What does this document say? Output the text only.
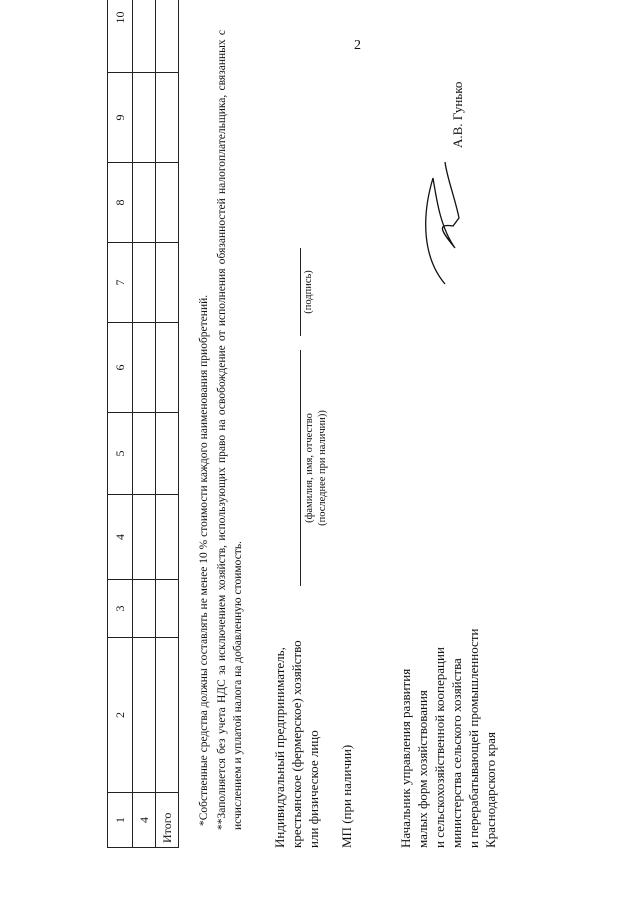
2
1	2	3	4	5	6	7	8	9	10
4									
Итого									
*Собственные средства должны составлять не менее 10 % стоимости каждого наименования приобретений. **Заполняется без учета НДС за исключением хозяйств, использующих право на освобождение от исполнения обязанностей налогоплательщика, связанных с исчислением и уплатой налога на добавленную стоимость. Индивидуальный предприниматель, крестьянское (фермерское) хозяйство или физическое лицо
(фамилия, имя, отчество (последнее при наличии))
(подпись)
МП (при наличии)	Начальник управления развития малых форм хозяйствования и сельскохозяйственной кооперации министерства сельского хозяйства и перерабатывающей промышленности Краснодарского края
А.В. Гунько
